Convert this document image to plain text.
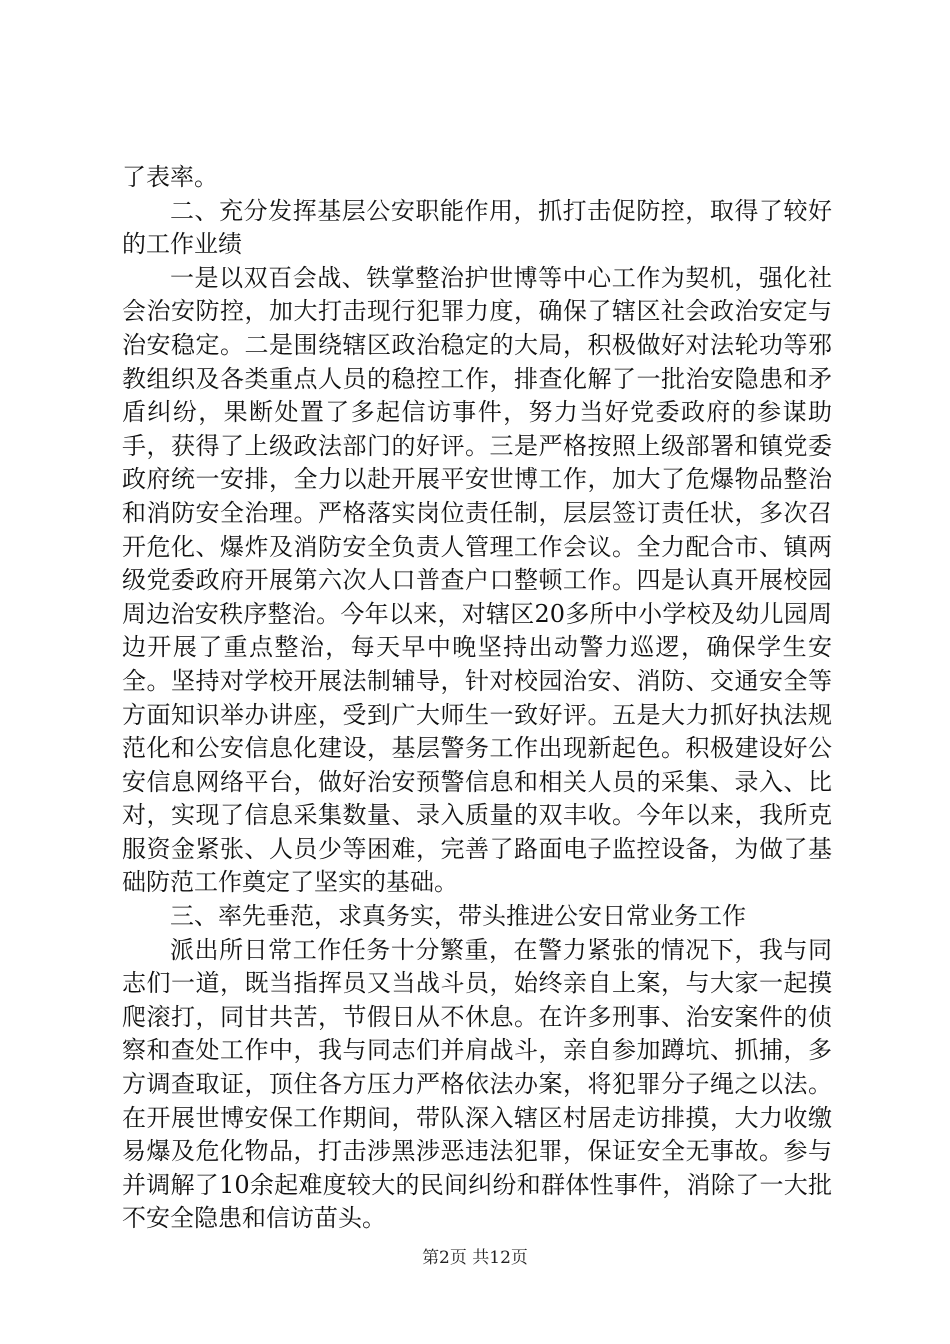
了表率。

二、充分发挥基层公安职能作用，抓打击促防控，取得了较好的工作业绩

一是以双百会战、铁掌整治护世博等中心工作为契机，强化社会治安防控，加大打击现行犯罪力度，确保了辖区社会政治安定与治安稳定。二是围绕辖区政治稳定的大局，积极做好对法轮功等邪教组织及各类重点人员的稳控工作，排查化解了一批治安隐患和矛盾纠纷，果断处置了多起信访事件，努力当好党委政府的参谋助手，获得了上级政法部门的好评。三是严格按照上级部署和镇党委政府统一安排，全力以赴开展平安世博工作，加大了危爆物品整治和消防安全治理。严格落实岗位责任制，层层签订责任状，多次召开危化、爆炸及消防安全负责人管理工作会议。全力配合市、镇两级党委政府开展第六次人口普查户口整顿工作。四是认真开展校园周边治安秩序整治。今年以来，对辖区20多所中小学校及幼儿园周边开展了重点整治，每天早中晚坚持出动警力巡逻，确保学生安全。坚持对学校开展法制辅导，针对校园治安、消防、交通安全等方面知识举办讲座，受到广大师生一致好评。五是大力抓好执法规范化和公安信息化建设，基层警务工作出现新起色。积极建设好公安信息网络平台，做好治安预警信息和相关人员的采集、录入、比对，实现了信息采集数量、录入质量的双丰收。今年以来，我所克服资金紧张、人员少等困难，完善了路面电子监控设备，为做了基础防范工作奠定了坚实的基础。

三、率先垂范，求真务实，带头推进公安日常业务工作

派出所日常工作任务十分繁重，在警力紧张的情况下，我与同志们一道，既当指挥员又当战斗员，始终亲自上案，与大家一起摸爬滚打，同甘共苦，节假日从不休息。在许多刑事、治安案件的侦察和查处工作中，我与同志们并肩战斗，亲自参加蹲坑、抓捕，多方调查取证，顶住各方压力严格依法办案，将犯罪分子绳之以法。在开展世博安保工作期间，带队深入辖区村居走访排摸，大力收缴易爆及危化物品，打击涉黑涉恶违法犯罪，保证安全无事故。参与并调解了10余起难度较大的民间纠纷和群体性事件，消除了一大批不安全隐患和信访苗头。

第2页 共12页
